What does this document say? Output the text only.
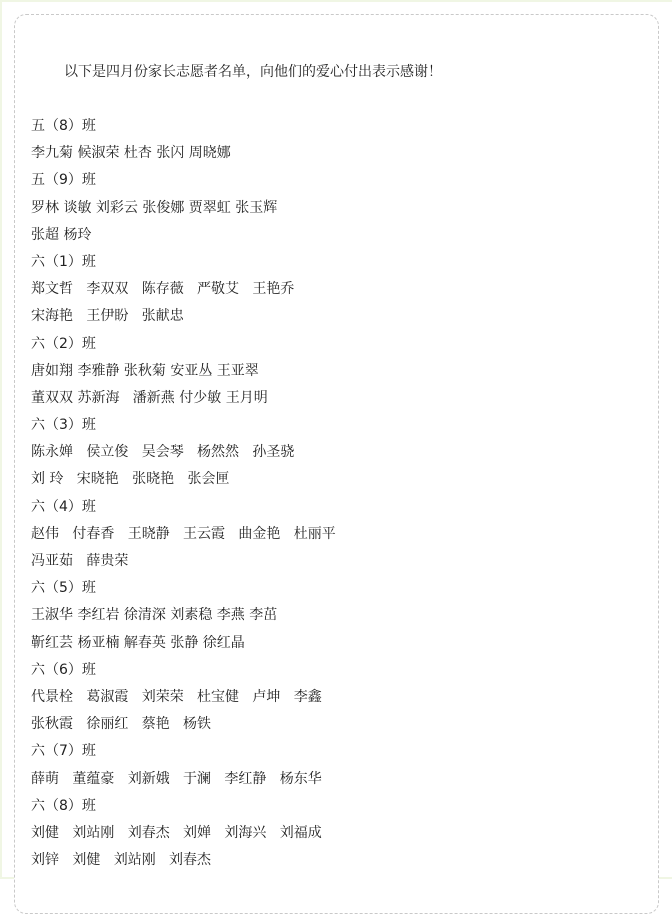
以下是四月份家长志愿者名单，向他们的爱心付出表示感谢！

五（8）班

李九菊 候淑荣 杜杏 张闪 周晓娜

五（9）班

罗林 谈敏 刘彩云 张俊娜 贾翠虹 张玉辉

张超 杨玲

六（1）班

郑文哲   李双双   陈存薇   严敬艾   王艳乔

宋海艳   王伊盼   张献忠

六（2）班

唐如翔 李雅静 张秋菊 安亚丛 王亚翠

董双双 苏新海   潘新燕 付少敏 王月明

六（3）班

陈永婵   侯立俊   吴会琴   杨然然   孙圣骁

刘 玲   宋晓艳   张晓艳   张会匣

六（4）班

赵伟   付春香   王晓静   王云霞   曲金艳   杜丽平

冯亚茹   薛贵荣

六（5）班

王淑华 李红岩 徐清深 刘素稳 李燕 李茁

靳红芸 杨亚楠 解春英 张静 徐红晶

六（6）班

代景栓   葛淑霞   刘荣荣   杜宝健   卢坤   李鑫

张秋霞   徐丽红   蔡艳   杨铁

六（7）班

薛萌   董蕴豪   刘新娥   于澜   李红静   杨东华

六（8）班

刘健   刘站刚   刘春杰   刘婵   刘海兴   刘福成

刘锌   刘健   刘站刚   刘春杰
